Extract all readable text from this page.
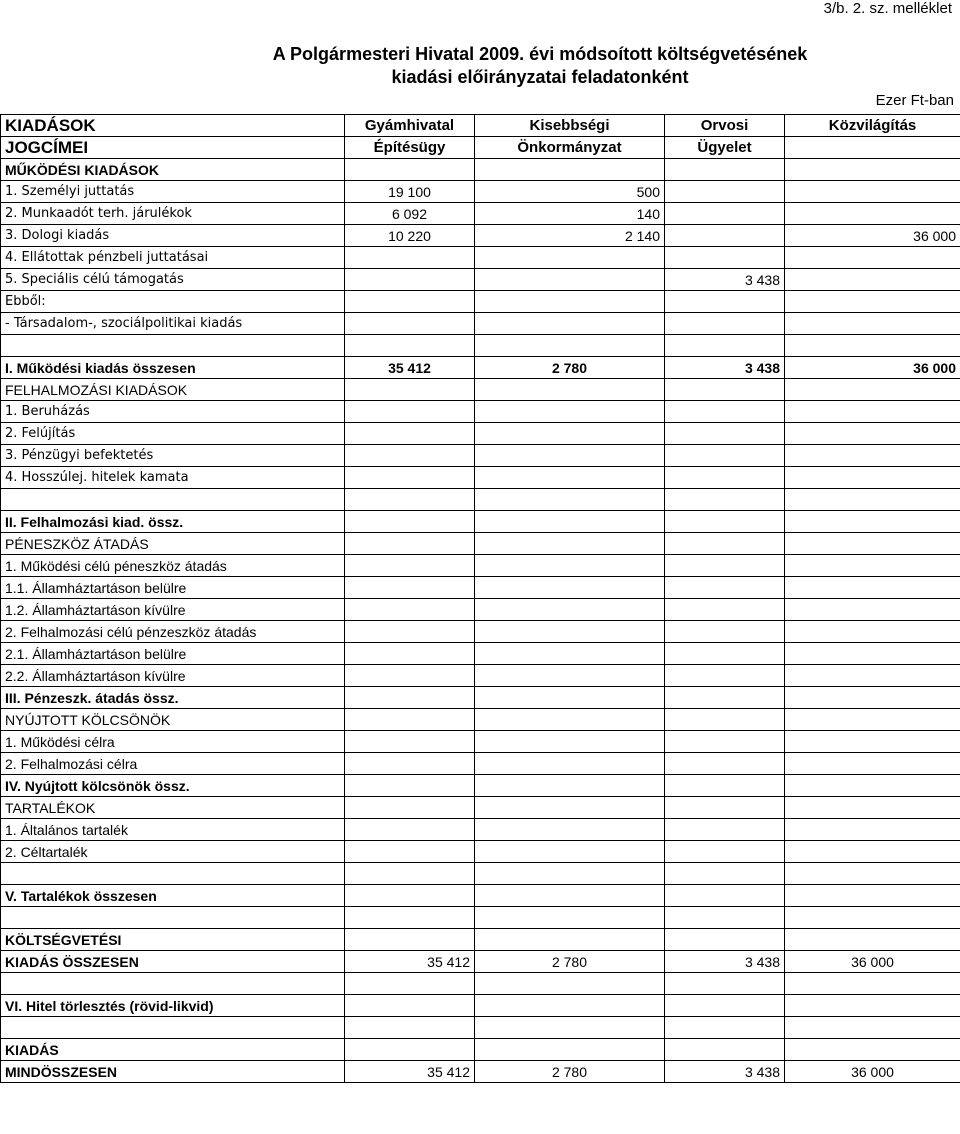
3/b. 2. sz. melléklet
A Polgármesteri Hivatal 2009. évi módsoított költségvetésének
kiadási előirányzatai feladatonként
Ezer Ft-ban
KIADÁSOK	Gyámhivatal	Kisebbségi	Orvosi	Közvilágítás
JOGCÍMEI	Építésügy	Önkormányzat	Ügyelet	
MŰKÖDÉSI KIADÁSOK				
1. Személyi juttatás	19 100	500		
2. Munkaadót terh. járulékok	6 092	140		
3. Dologi kiadás	10 220	2 140		36 000
4. Ellátottak pénzbeli juttatásai				
5. Speciális célú támogatás			3 438	
Ebből:				
- Társadalom-, szociálpolitikai kiadás				

I. Működési kiadás összesen	35 412	2 780	3 438	36 000
FELHALMOZÁSI KIADÁSOK				
1. Beruházás				
2. Felújítás				
3. Pénzügyi befektetés				
4. Hosszúlej. hitelek kamata				

II. Felhalmozási kiad. össz.				
PÉNESZKÖZ ÁTADÁS				
1. Működési célú péneszköz átadás				
1.1. Államháztartáson belülre				
1.2. Államháztartáson kívülre				
2. Felhalmozási célú pénzeszköz átadás				
2.1. Államháztartáson belülre				
2.2. Államháztartáson kívülre				
III. Pénzeszk. átadás össz.				
NYÚJTOTT KÖLCSÖNÖK				
1. Működési célra				
2. Felhalmozási célra				
IV. Nyújtott kölcsönök össz.				
TARTALÉKOK				
1. Általános tartalék				
2. Céltartalék				

V. Tartalékok összesen				

KÖLTSÉGVETÉSI				
KIADÁS ÖSSZESEN	35 412	2 780	3 438	36 000

VI. Hitel törlesztés (rövid-likvid)				

KIADÁS				
MINDÖSSZESEN	35 412	2 780	3 438	36 000
